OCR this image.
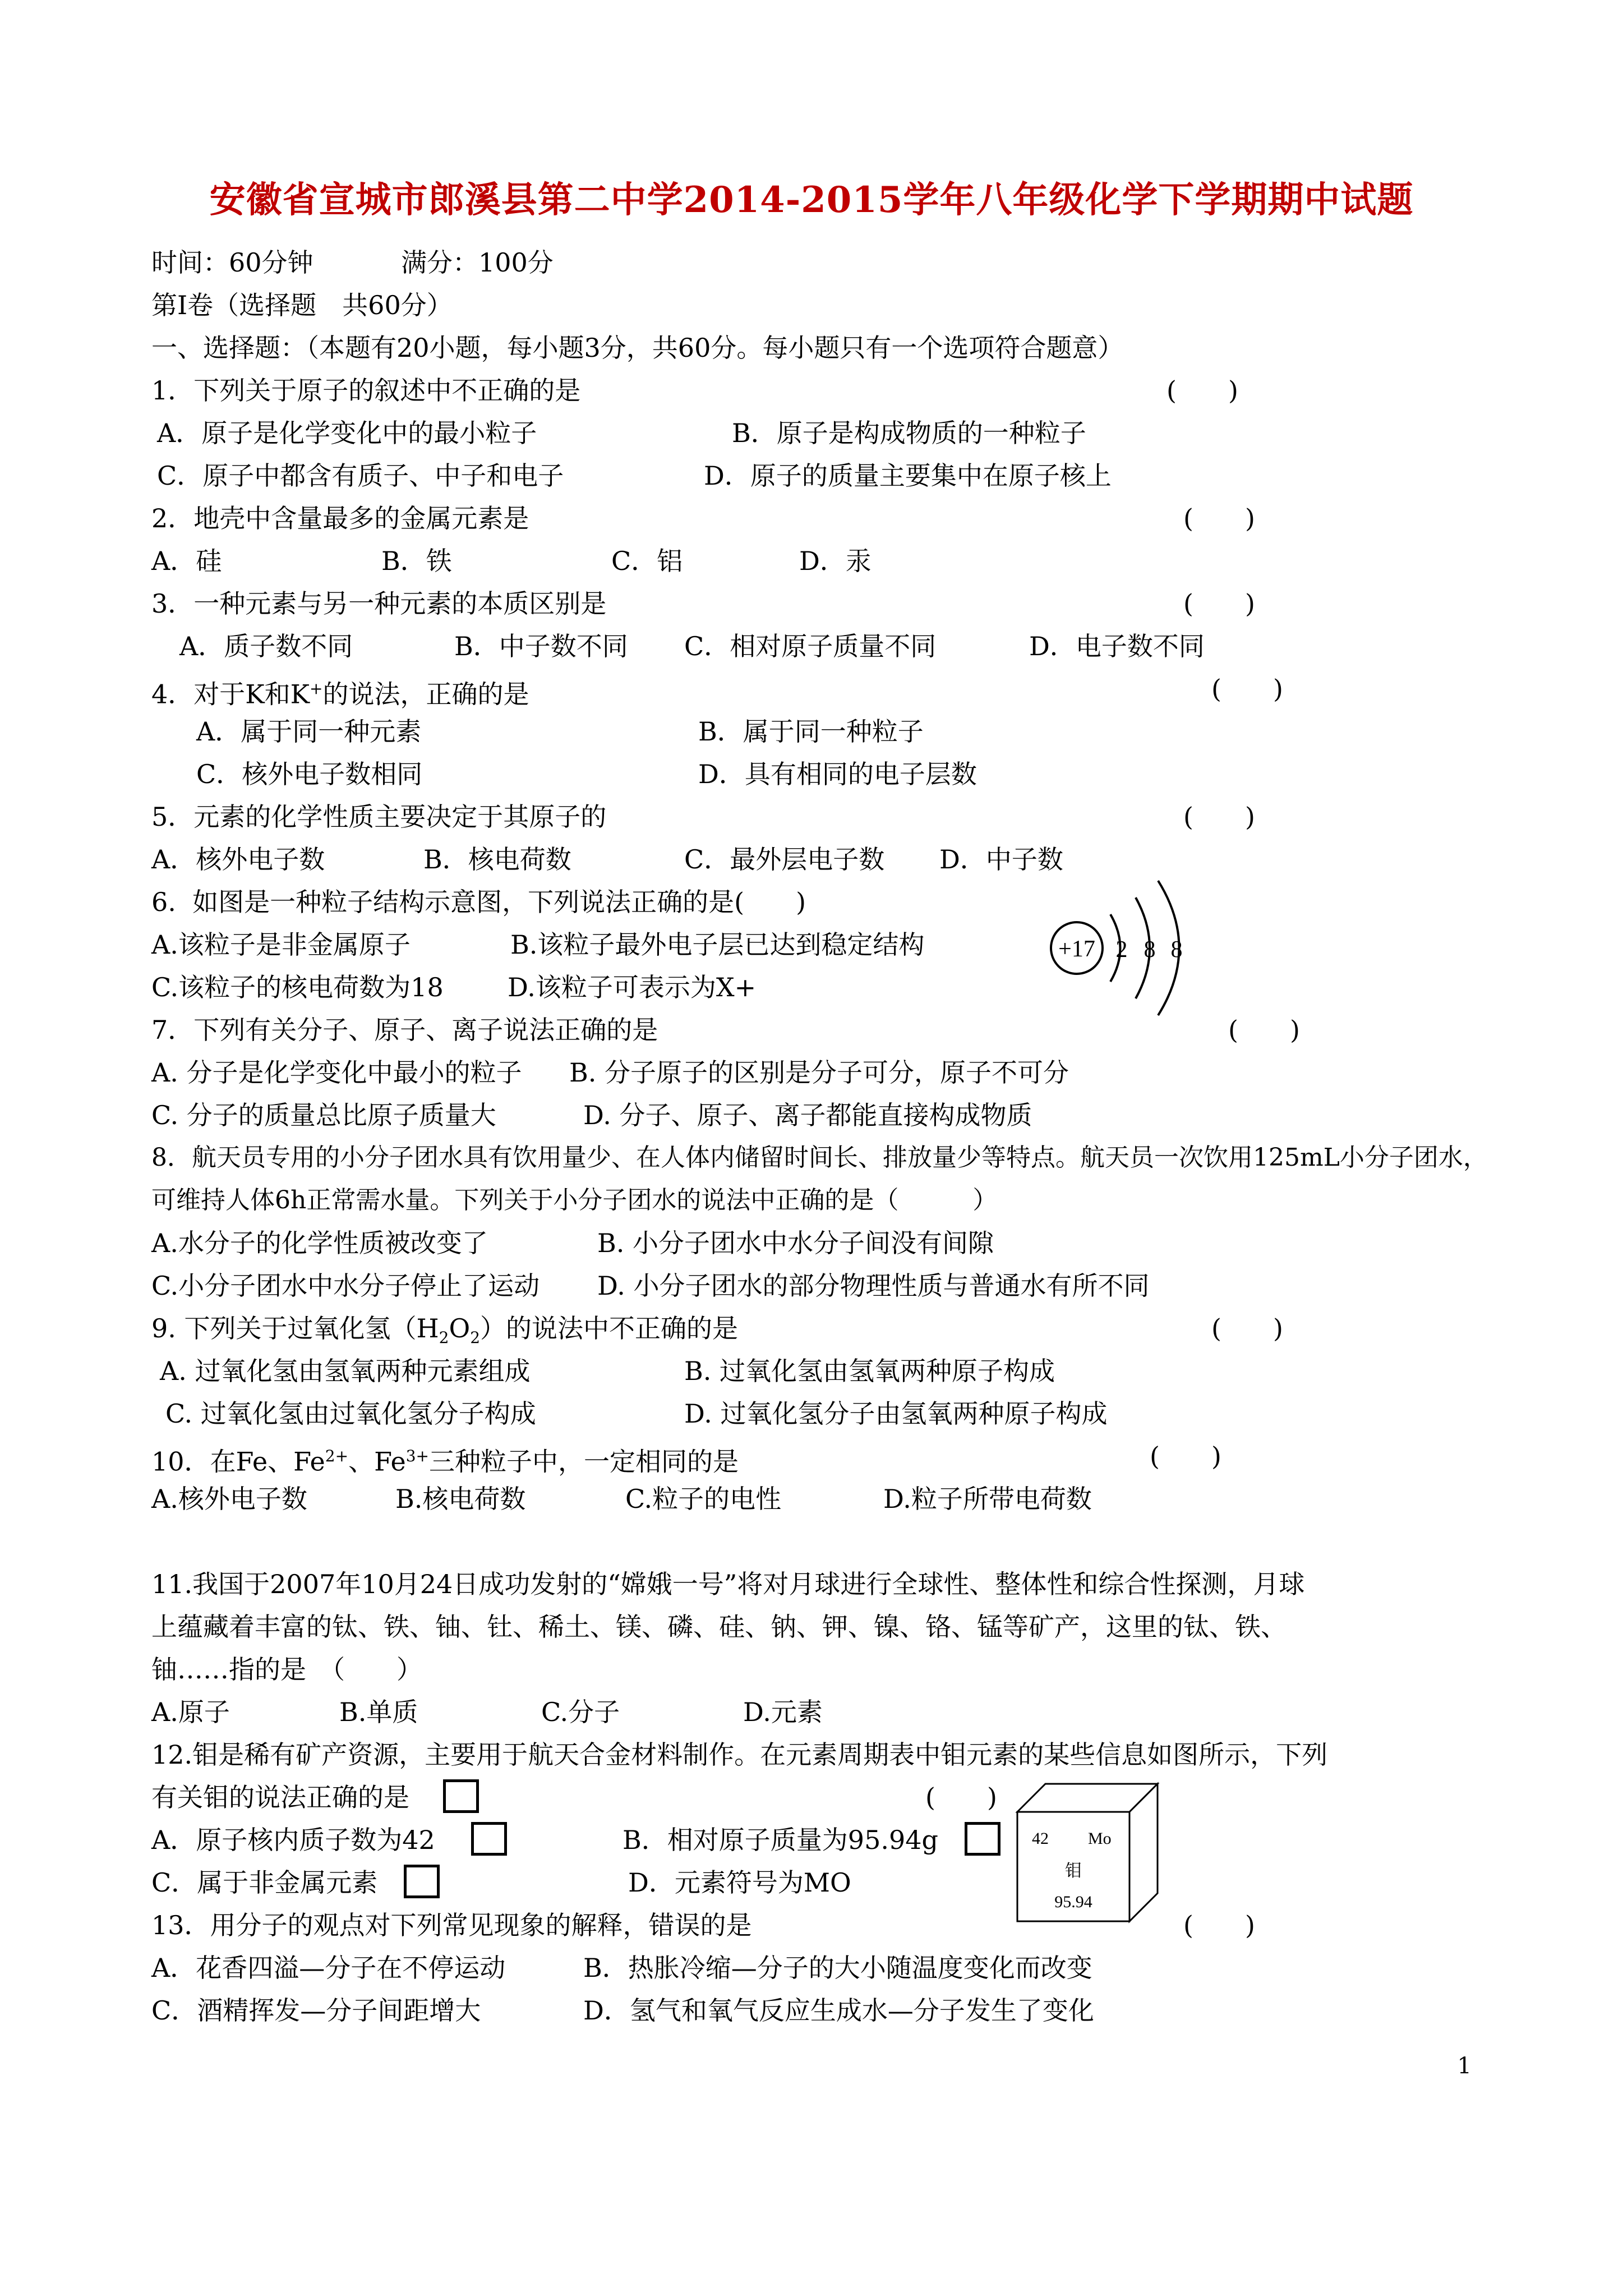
安徽省宣城市郎溪县第二中学2014-2015学年八年级化学下学期期中试题
时间：60分钟	满分：100分
第Ⅰ卷（选择题　共60分）
一、选择题：（本题有20小题，每小题3分，共60分。每小题只有一个选项符合题意）
1．下列关于原子的叙述中不正确的是	(　　)
A．原子是化学变化中的最小粒子	B．原子是构成物质的一种粒子
C．原子中都含有质子、中子和电子	D．原子的质量主要集中在原子核上
2．地壳中含量最多的金属元素是	(　　)
A．硅	B．铁	C．铝	D．汞
3．一种元素与另一种元素的本质区别是	(　　)
A．质子数不同	B．中子数不同 C．相对原子质量不同	D．电子数不同
4．对于K和K+的说法，正确的是	(　　)
A．属于同一种元素	B．属于同一种粒子
C．核外电子数相同	D．具有相同的电子层数
5．元素的化学性质主要决定于其原子的	(　　)
A．核外电子数	B．核电荷数	C．最外层电子数 D．中子数
6.  如图是一种粒子结构示意图，下列说法正确的是(　　)
A.该粒子是非金属原子	B.该粒子最外电子层已达到稳定结构
C.该粒子的核电荷数为18 D.该粒子可表示为X+
+17 2 8 8
7．下列有关分子、原子、离子说法正确的是	(　　)
A. 分子是化学变化中最小的粒子 B. 分子原子的区别是分子可分，原子不可分
C. 分子的质量总比原子质量大	D. 分子、原子、离子都能直接构成物质
8．航天员专用的小分子团水具有饮用量少、在人体内储留时间长、排放量少等特点。航天员一次饮用125mL小分子团水，
可维持人体6h正常需水量。下列关于小分子团水的说法中正确的是（　　　）
A.水分子的化学性质被改变了	B. 小分子团水中水分子间没有间隙
C.小分子团水中水分子停止了运动 D. 小分子团水的部分物理性质与普通水有所不同
9. 下列关于过氧化氢$(H_2O_2)$的说法中不正确的是	(　　)
A. 过氧化氢由氢氧两种元素组成	B. 过氧化氢由氢氧两种原子构成
C. 过氧化氢由过氧化氢分子构成	D. 过氧化氢分子由氢氧两种原子构成
10．在Fe、$Fe^{2+}$、$Fe^{3+}$三种粒子中，一定相同的是	(　　)
A.核外电子数	B.核电荷数	C.粒子的电性	D.粒子所带电荷数
11.我国于2007年10月24日成功发射的“嫦娥一号”将对月球进行全球性、整体性和综合性探测，月球
上蕴藏着丰富的钛、铁、铀、钍、稀土、镁、磷、硅、钠、钾、镍、铬、锰等矿产，这里的钛、铁、
铀……指的是　（　　）
A.原子	B.单质	C.分子	D.元素
12.钼是稀有矿产资源，主要用于航天合金材料制作。在元素周期表中钼元素的某些信息如图所示，下列
有关钼的说法正确的是	(　　)
A．原子核内质子数为42	B．相对原子质量为95.94g
C．属于非金属元素	D．元素符号为MO
42 Mo
钼
95.94
13．用分子的观点对下列常见现象的解释，错误的是	(　　)
A．花香四溢—分子在不停运动	B．热胀冷缩—分子的大小随温度变化而改变
C．酒精挥发—分子间距增大	D．氢气和氧气反应生成水—分子发生了变化
1
